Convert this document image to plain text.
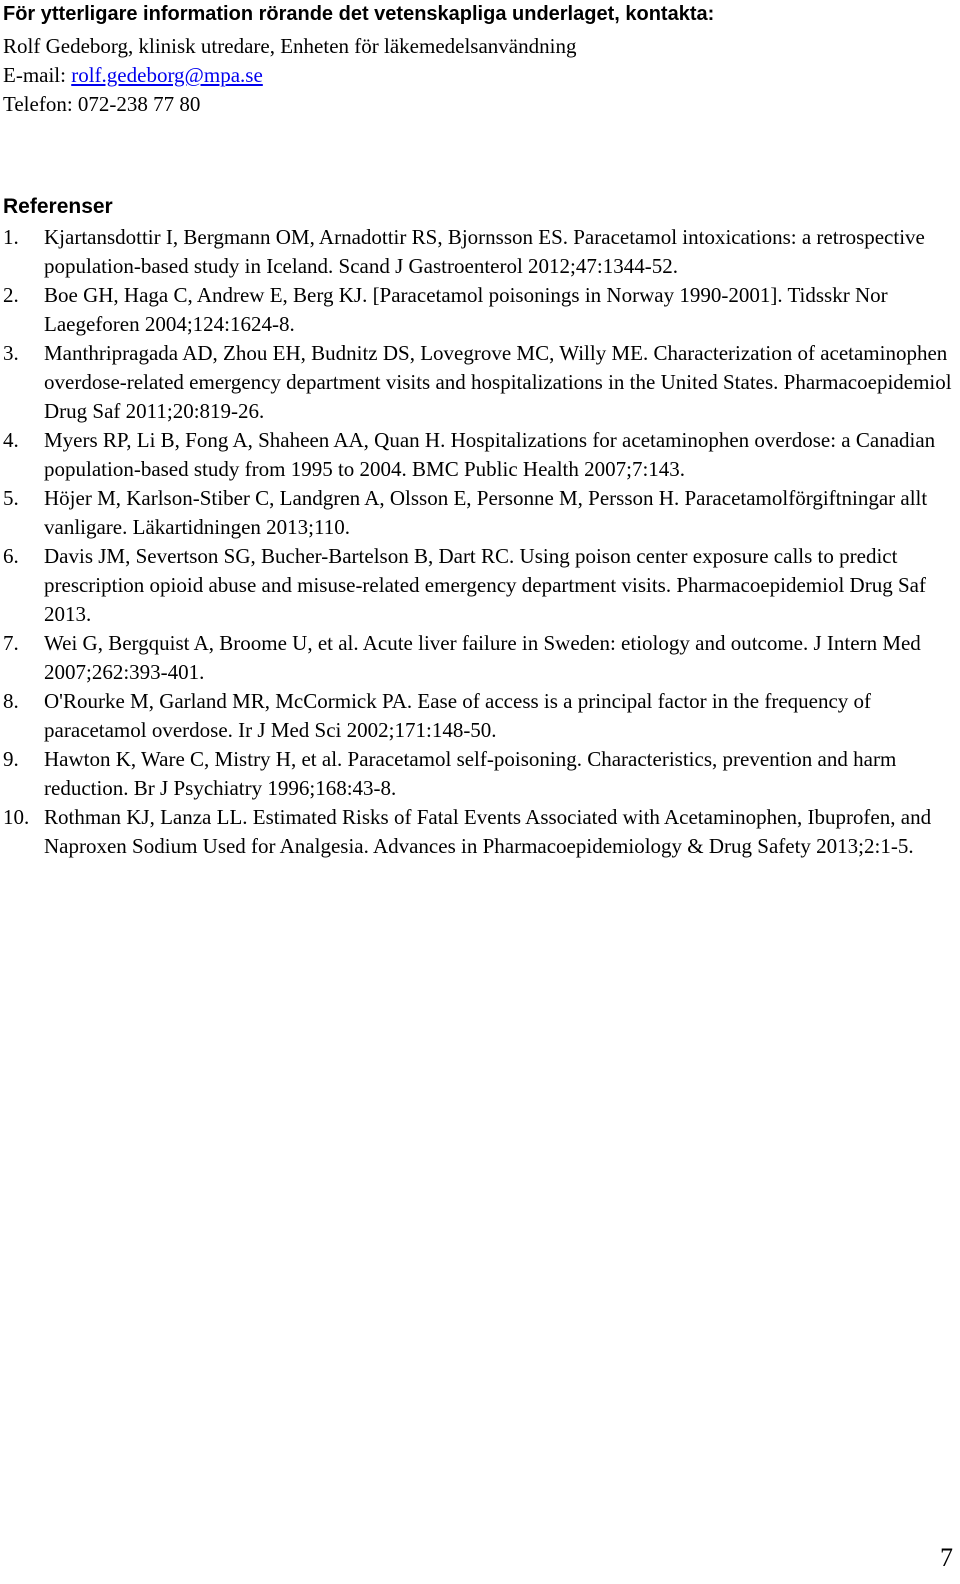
För ytterligare information rörande det vetenskapliga underlaget, kontakta:

Rolf Gedeborg, klinisk utredare, Enheten för läkemedelsanvändning

E-mail: rolf.gedeborg@mpa.se

Telefon: 072-238 77 80

Referenser
1. Kjartansdottir I, Bergmann OM, Arnadottir RS, Bjornsson ES. Paracetamol intoxications: a retrospective population-based study in Iceland. Scand J Gastroenterol 2012;47:1344-52.
2. Boe GH, Haga C, Andrew E, Berg KJ. [Paracetamol poisonings in Norway 1990-2001]. Tidsskr Nor Laegeforen 2004;124:1624-8.
3. Manthripragada AD, Zhou EH, Budnitz DS, Lovegrove MC, Willy ME. Characterization of acetaminophen overdose-related emergency department visits and hospitalizations in the United States. Pharmacoepidemiol Drug Saf 2011;20:819-26.
4. Myers RP, Li B, Fong A, Shaheen AA, Quan H. Hospitalizations for acetaminophen overdose: a Canadian population-based study from 1995 to 2004. BMC Public Health 2007;7:143.
5. Höjer M, Karlson-Stiber C, Landgren A, Olsson E, Personne M, Persson H. Paracetamolförgiftningar allt vanligare. Läkartidningen 2013;110.
6. Davis JM, Severtson SG, Bucher-Bartelson B, Dart RC. Using poison center exposure calls to predict prescription opioid abuse and misuse-related emergency department visits. Pharmacoepidemiol Drug Saf 2013.
7. Wei G, Bergquist A, Broome U, et al. Acute liver failure in Sweden: etiology and outcome. J Intern Med 2007;262:393-401.
8. O'Rourke M, Garland MR, McCormick PA. Ease of access is a principal factor in the frequency of paracetamol overdose. Ir J Med Sci 2002;171:148-50.
9. Hawton K, Ware C, Mistry H, et al. Paracetamol self-poisoning. Characteristics, prevention and harm reduction. Br J Psychiatry 1996;168:43-8.
10. Rothman KJ, Lanza LL. Estimated Risks of Fatal Events Associated with Acetaminophen, Ibuprofen, and Naproxen Sodium Used for Analgesia. Advances in Pharmacoepidemiology & Drug Safety 2013;2:1-5.
7
